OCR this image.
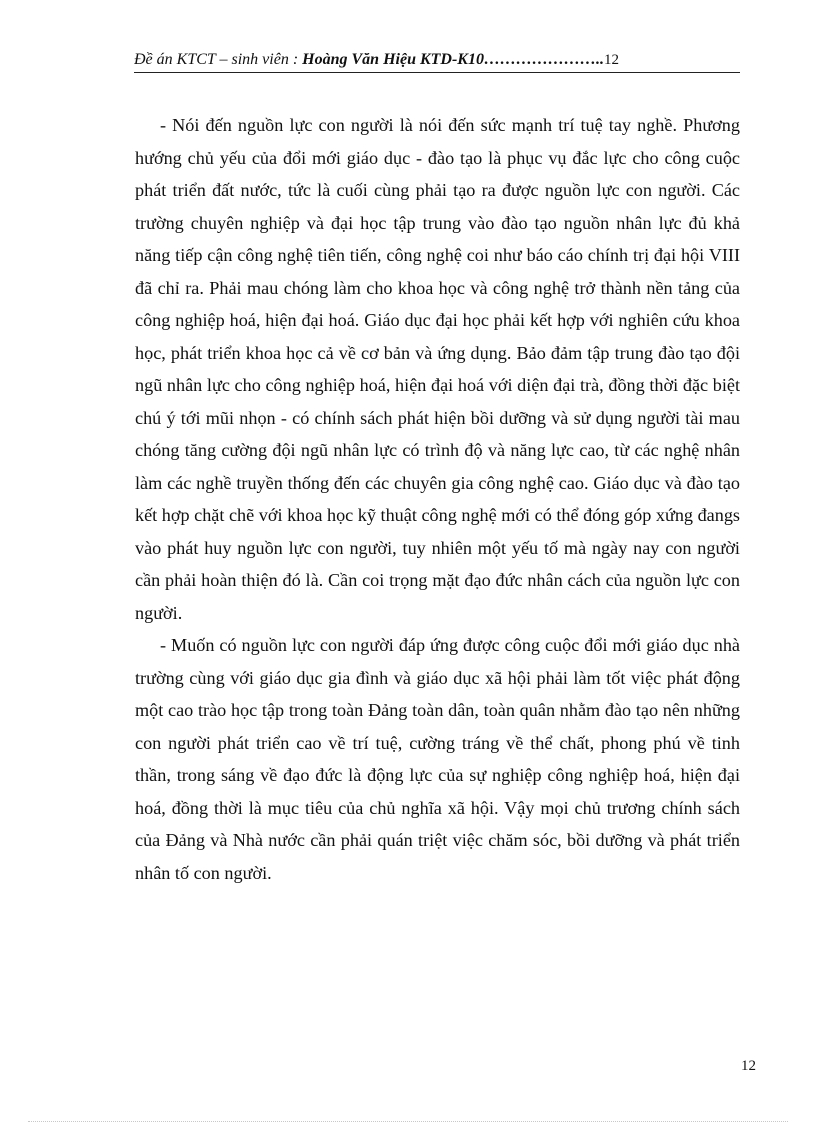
Đề án KTCT – sinh viên : Hoàng Văn Hiệu KTD-K10…………………..12

- Nói đến nguồn lực con người là nói đến sức mạnh trí tuệ tay nghề. Phương hướng chủ yếu của đổi mới giáo dục - đào tạo là phục vụ đắc lực cho công cuộc phát triển đất nước, tức là cuối cùng phải tạo ra được nguồn lực con người. Các trường chuyên nghiệp và đại học tập trung vào đào tạo nguồn nhân lực đủ khả năng tiếp cận công nghệ tiên tiến, công nghệ coi như báo cáo chính trị đại hội VIII đã chỉ ra. Phải mau chóng làm cho khoa học và công nghệ trở thành nền tảng của công nghiệp hoá, hiện đại hoá. Giáo dục đại học phải kết hợp với nghiên cứu khoa học, phát triển khoa học cả về cơ bản và ứng dụng. Bảo đảm tập trung đào tạo đội ngũ nhân lực cho công nghiệp hoá, hiện đại hoá với diện đại trà, đồng thời đặc biệt chú ý tới mũi nhọn - có chính sách phát hiện bồi dưỡng và sử dụng người tài mau chóng tăng cường đội ngũ nhân lực có trình độ và năng lực cao, từ các nghệ nhân làm các nghề truyền thống đến các chuyên gia công nghệ cao. Giáo dục và đào tạo kết hợp chặt chẽ với khoa học kỹ thuật công nghệ mới có thể đóng góp xứng đangs vào phát huy nguồn lực con người, tuy nhiên một yếu tố mà ngày nay con người cần phải hoàn thiện đó là. Cần coi trọng mặt đạo đức nhân cách của nguồn lực con người.

- Muốn có nguồn lực con người đáp ứng được công cuộc đổi mới giáo dục nhà trường cùng với giáo dục gia đình và giáo dục xã hội phải làm tốt việc phát động một cao trào học tập trong toàn Đảng toàn dân, toàn quân nhằm đào tạo nên những con người phát triển cao về trí tuệ, cường tráng về thể chất, phong phú về tinh thần, trong sáng về đạo đức là động lực của sự nghiệp công nghiệp hoá, hiện đại hoá, đồng thời là mục tiêu của chủ nghĩa xã hội. Vậy mọi chủ trương chính sách của Đảng và Nhà nước cần phải quán triệt việc chăm sóc, bồi dưỡng và phát triển nhân tố con người.

12
